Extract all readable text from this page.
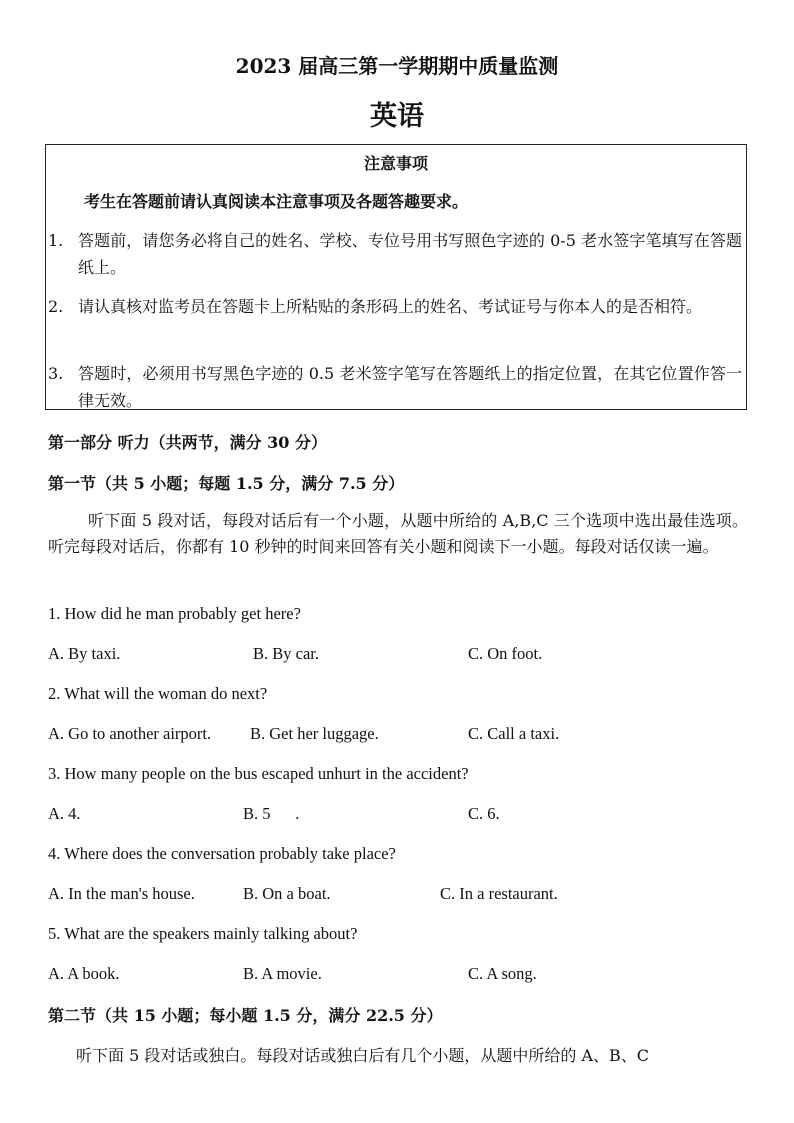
2023 届高三第一学期期中质量监测
英语
注意事项
考生在答题前请认真阅读本注意事项及各题答趣要求。
1. 答题前，请您务必将自己的姓名、学校、专位号用书写照色字迹的 0-5 老水签字笔填写在答题纸上。
2. 请认真核对监考员在答题卡上所粘贴的条形码上的姓名、考试证号与你本人的是否相符。
3. 答题时，必须用书写黑色字迹的 0.5 老米签字笔写在答题纸上的指定位置，在其它位置作答一律无效。
第一部分 听力（共两节，满分 30 分）
第一节（共 5 小题；每题 1.5 分，满分 7.5 分）
听下面 5 段对话，每段对话后有一个小题，从题中所给的 A,B,C 三个选项中选出最佳选项。听完每段对话后，你都有 10 秒钟的时间来回答有关小题和阅读下一小题。每段对话仅读一遍。
1. How did he man probably get here?
A. By taxi.	B. By car.	C. On foot.
2. What will the woman do next?
A. Go to another airport. B. Get her luggage.	C. Call a taxi.
3. How many people on the bus escaped unhurt in the accident?
A. 4.	B. 5      .	C. 6.
4. Where does the conversation probably take place?
A. In the man's house.	B. On a boat.	C. In a restaurant.
5. What are the speakers mainly talking about?
A. A book.	B. A movie.	C. A song.
第二节（共 15 小题；每小题 1.5 分，满分 22.5 分）
听下面 5 段对话或独白。每段对话或独白后有几个小题，从题中所给的 A、B、C
